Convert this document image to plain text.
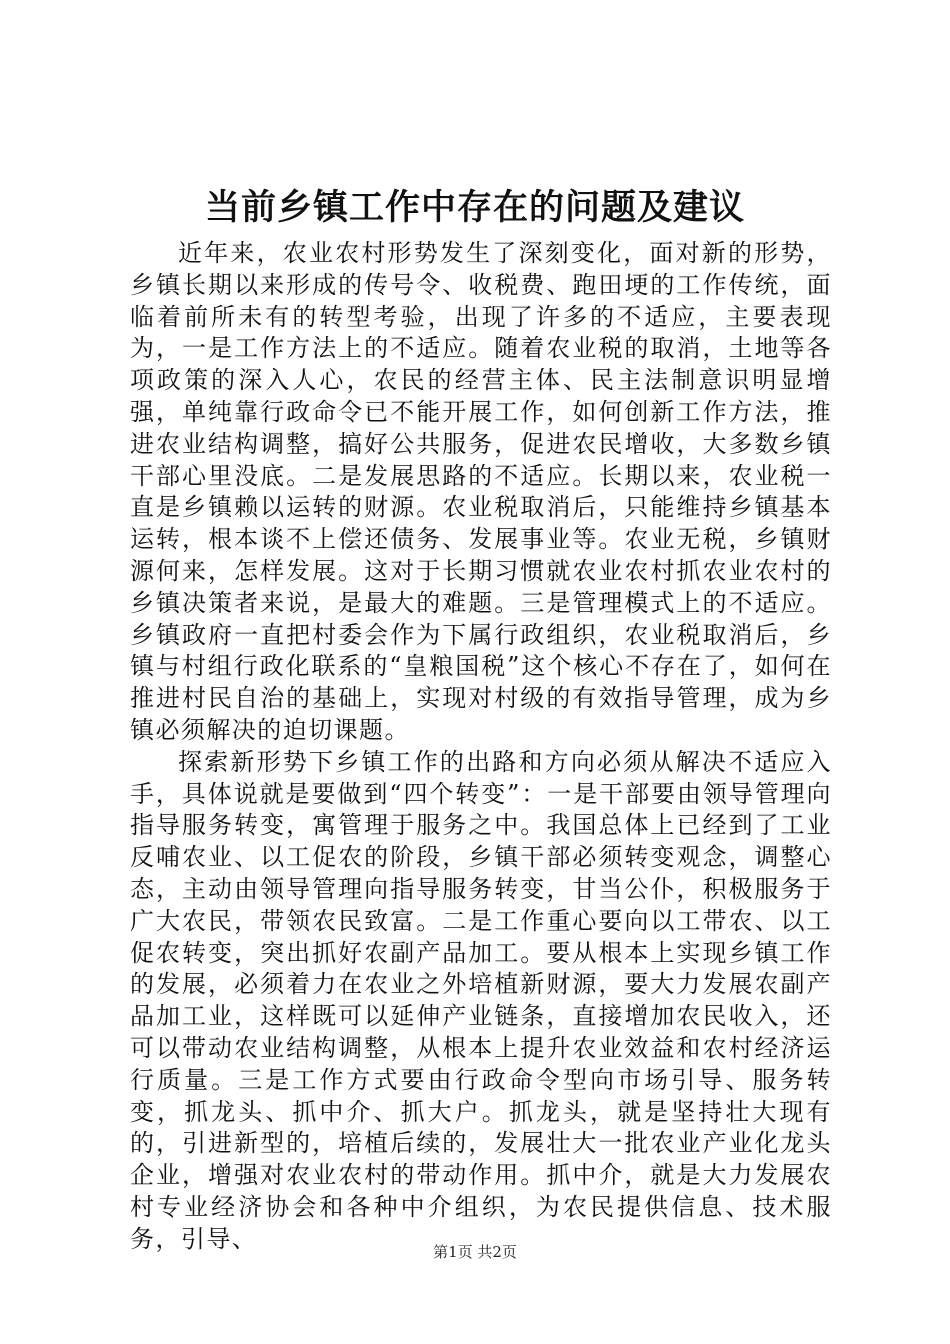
当前乡镇工作中存在的问题及建议

近年来，农业农村形势发生了深刻变化，面对新的形势，乡镇长期以来形成的传号令、收税费、跑田埂的工作传统，面临着前所未有的转型考验，出现了许多的不适应，主要表现为，一是工作方法上的不适应。随着农业税的取消，土地等各项政策的深入人心，农民的经营主体、民主法制意识明显增强，单纯靠行政命令已不能开展工作，如何创新工作方法，推进农业结构调整，搞好公共服务，促进农民增收，大多数乡镇干部心里没底。二是发展思路的不适应。长期以来，农业税一直是乡镇赖以运转的财源。农业税取消后，只能维持乡镇基本运转，根本谈不上偿还债务、发展事业等。农业无税，乡镇财源何来，怎样发展。这对于长期习惯就农业农村抓农业农村的乡镇决策者来说，是最大的难题。三是管理模式上的不适应。乡镇政府一直把村委会作为下属行政组织，农业税取消后，乡镇与村组行政化联系的“皇粮国税”这个核心不存在了，如何在推进村民自治的基础上，实现对村级的有效指导管理，成为乡镇必须解决的迫切课题。

探索新形势下乡镇工作的出路和方向必须从解决不适应入手，具体说就是要做到“四个转变”：一是干部要由领导管理向指导服务转变，寓管理于服务之中。我国总体上已经到了工业反哺农业、以工促农的阶段，乡镇干部必须转变观念，调整心态，主动由领导管理向指导服务转变，甘当公仆，积极服务于广大农民，带领农民致富。二是工作重心要向以工带农、以工促农转变，突出抓好农副产品加工。要从根本上实现乡镇工作的发展，必须着力在农业之外培植新财源，要大力发展农副产品加工业，这样既可以延伸产业链条，直接增加农民收入，还可以带动农业结构调整，从根本上提升农业效益和农村经济运行质量。三是工作方式要由行政命令型向市场引导、服务转变，抓龙头、抓中介、抓大户。抓龙头，就是坚持壮大现有的，引进新型的，培植后续的，发展壮大一批农业产业化龙头企业，增强对农业农村的带动作用。抓中介，就是大力发展农村专业经济协会和各种中介组织，为农民提供信息、技术服务，引导、	第1页 共2页
